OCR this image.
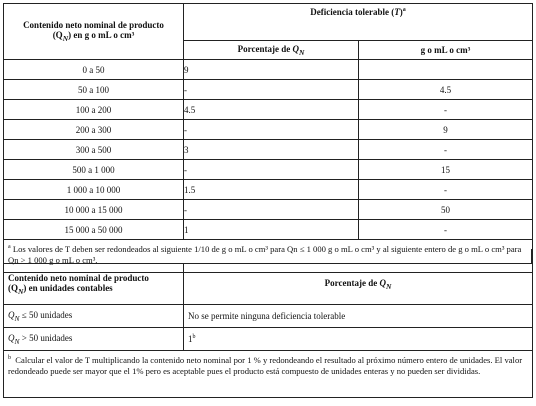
Contenido neto nominal de producto
$(Q_N)$ en g o mL o cm³	Deficiencia tolerable $(T)^a$
	Porcentaje de $Q_N$	g o mL o cm³
0 a 50	9	
50 a 100	-	4.5
100 a 200	4.5	-
200 a 300	-	9
300 a 500	3	-
500 a 1 000	-	15
1 000 a 10 000	1.5	-
10 000 a 15 000	-	50
15 000 a 50 000	1	-
$^a$ Los valores de T deben ser redondeados al siguiente 1/10 de g o mL o cm³ para Qn ≤ 1 000 g o mL o cm³ y al siguiente entero de g o mL o cm³ para Qn > 1 000 g o mL o cm³.		
Contenido neto nominal de producto
$(Q_N)$ en unidades contables	Porcentaje de $Q_N$
$Q_N \le 50$ unidades	No se permite ninguna deficiencia tolerable
$Q_N > 50$ unidades	1$^b$
$^b$ Calcular el valor de T multiplicando la contenido neto nominal por 1 % y redondeando el resultado al próximo número entero de unidades. El valor redondeado puede ser mayor que el 1% pero es aceptable pues el producto está compuesto de unidades enteras y no pueden ser divididas.	
